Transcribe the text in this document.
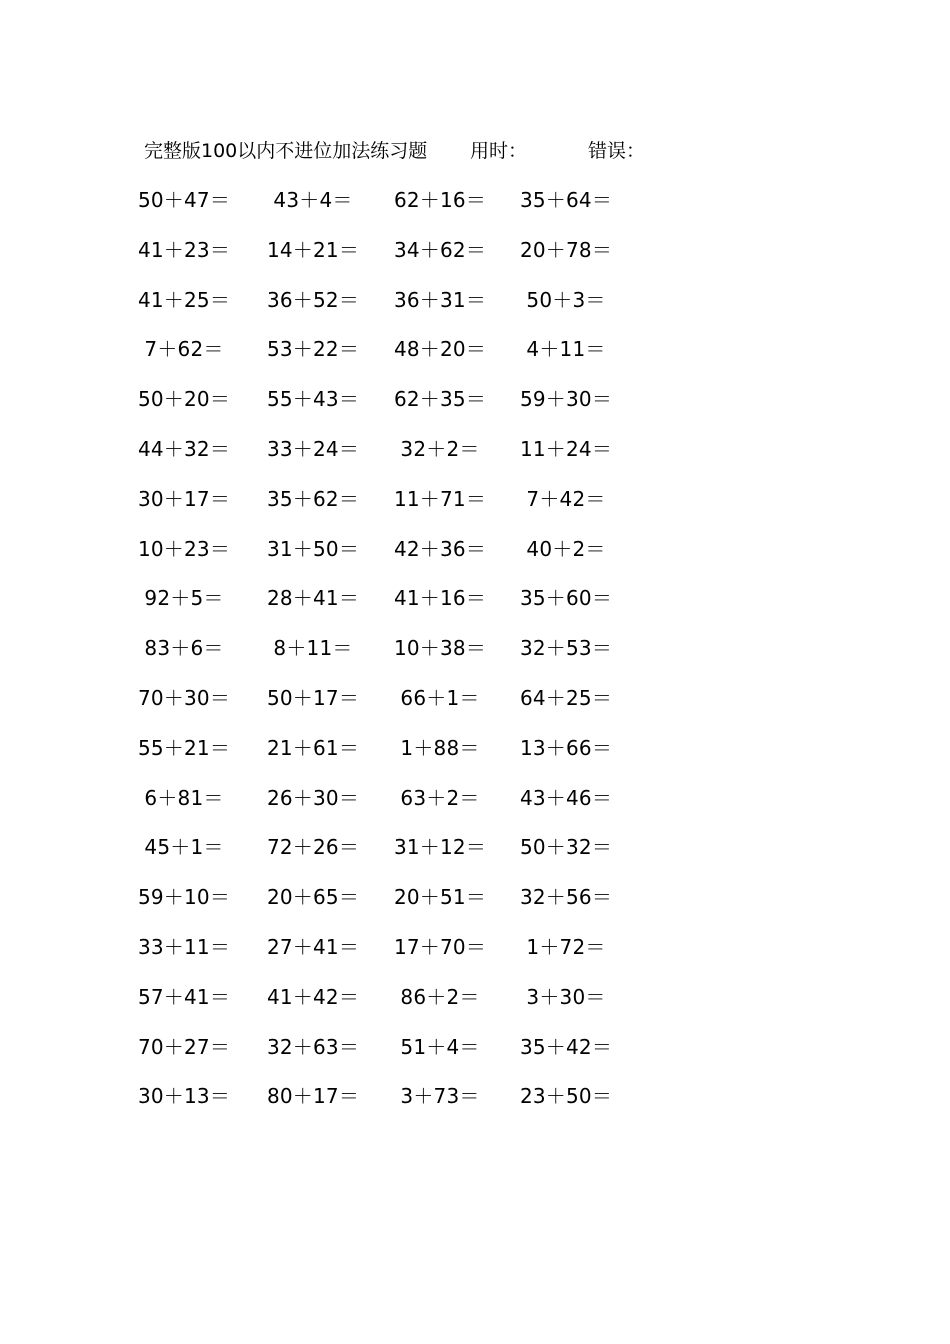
完整版100以内不进位加法练习题 用时：	错误：
50＋47＝	43＋4＝	62＋16＝	35＋64＝
41＋23＝	14＋21＝	34＋62＝	20＋78＝
41＋25＝	36＋52＝	36＋31＝	50＋3＝
7＋62＝	53＋22＝	48＋20＝	4＋11＝
50＋20＝	55＋43＝	62＋35＝	59＋30＝
44＋32＝	33＋24＝	32＋2＝	11＋24＝
30＋17＝	35＋62＝	11＋71＝	7＋42＝
10＋23＝	31＋50＝	42＋36＝	40＋2＝
92＋5＝	28＋41＝	41＋16＝	35＋60＝
83＋6＝	8＋11＝	10＋38＝	32＋53＝
70＋30＝	50＋17＝	66＋1＝	64＋25＝
55＋21＝	21＋61＝	1＋88＝	13＋66＝
6＋81＝	26＋30＝	63＋2＝	43＋46＝
45＋1＝	72＋26＝	31＋12＝	50＋32＝
59＋10＝	20＋65＝	20＋51＝	32＋56＝
33＋11＝	27＋41＝	17＋70＝	1＋72＝
57＋41＝	41＋42＝	86＋2＝	3＋30＝
70＋27＝	32＋63＝	51＋4＝	35＋42＝
30＋13＝	80＋17＝	3＋73＝	23＋50＝
